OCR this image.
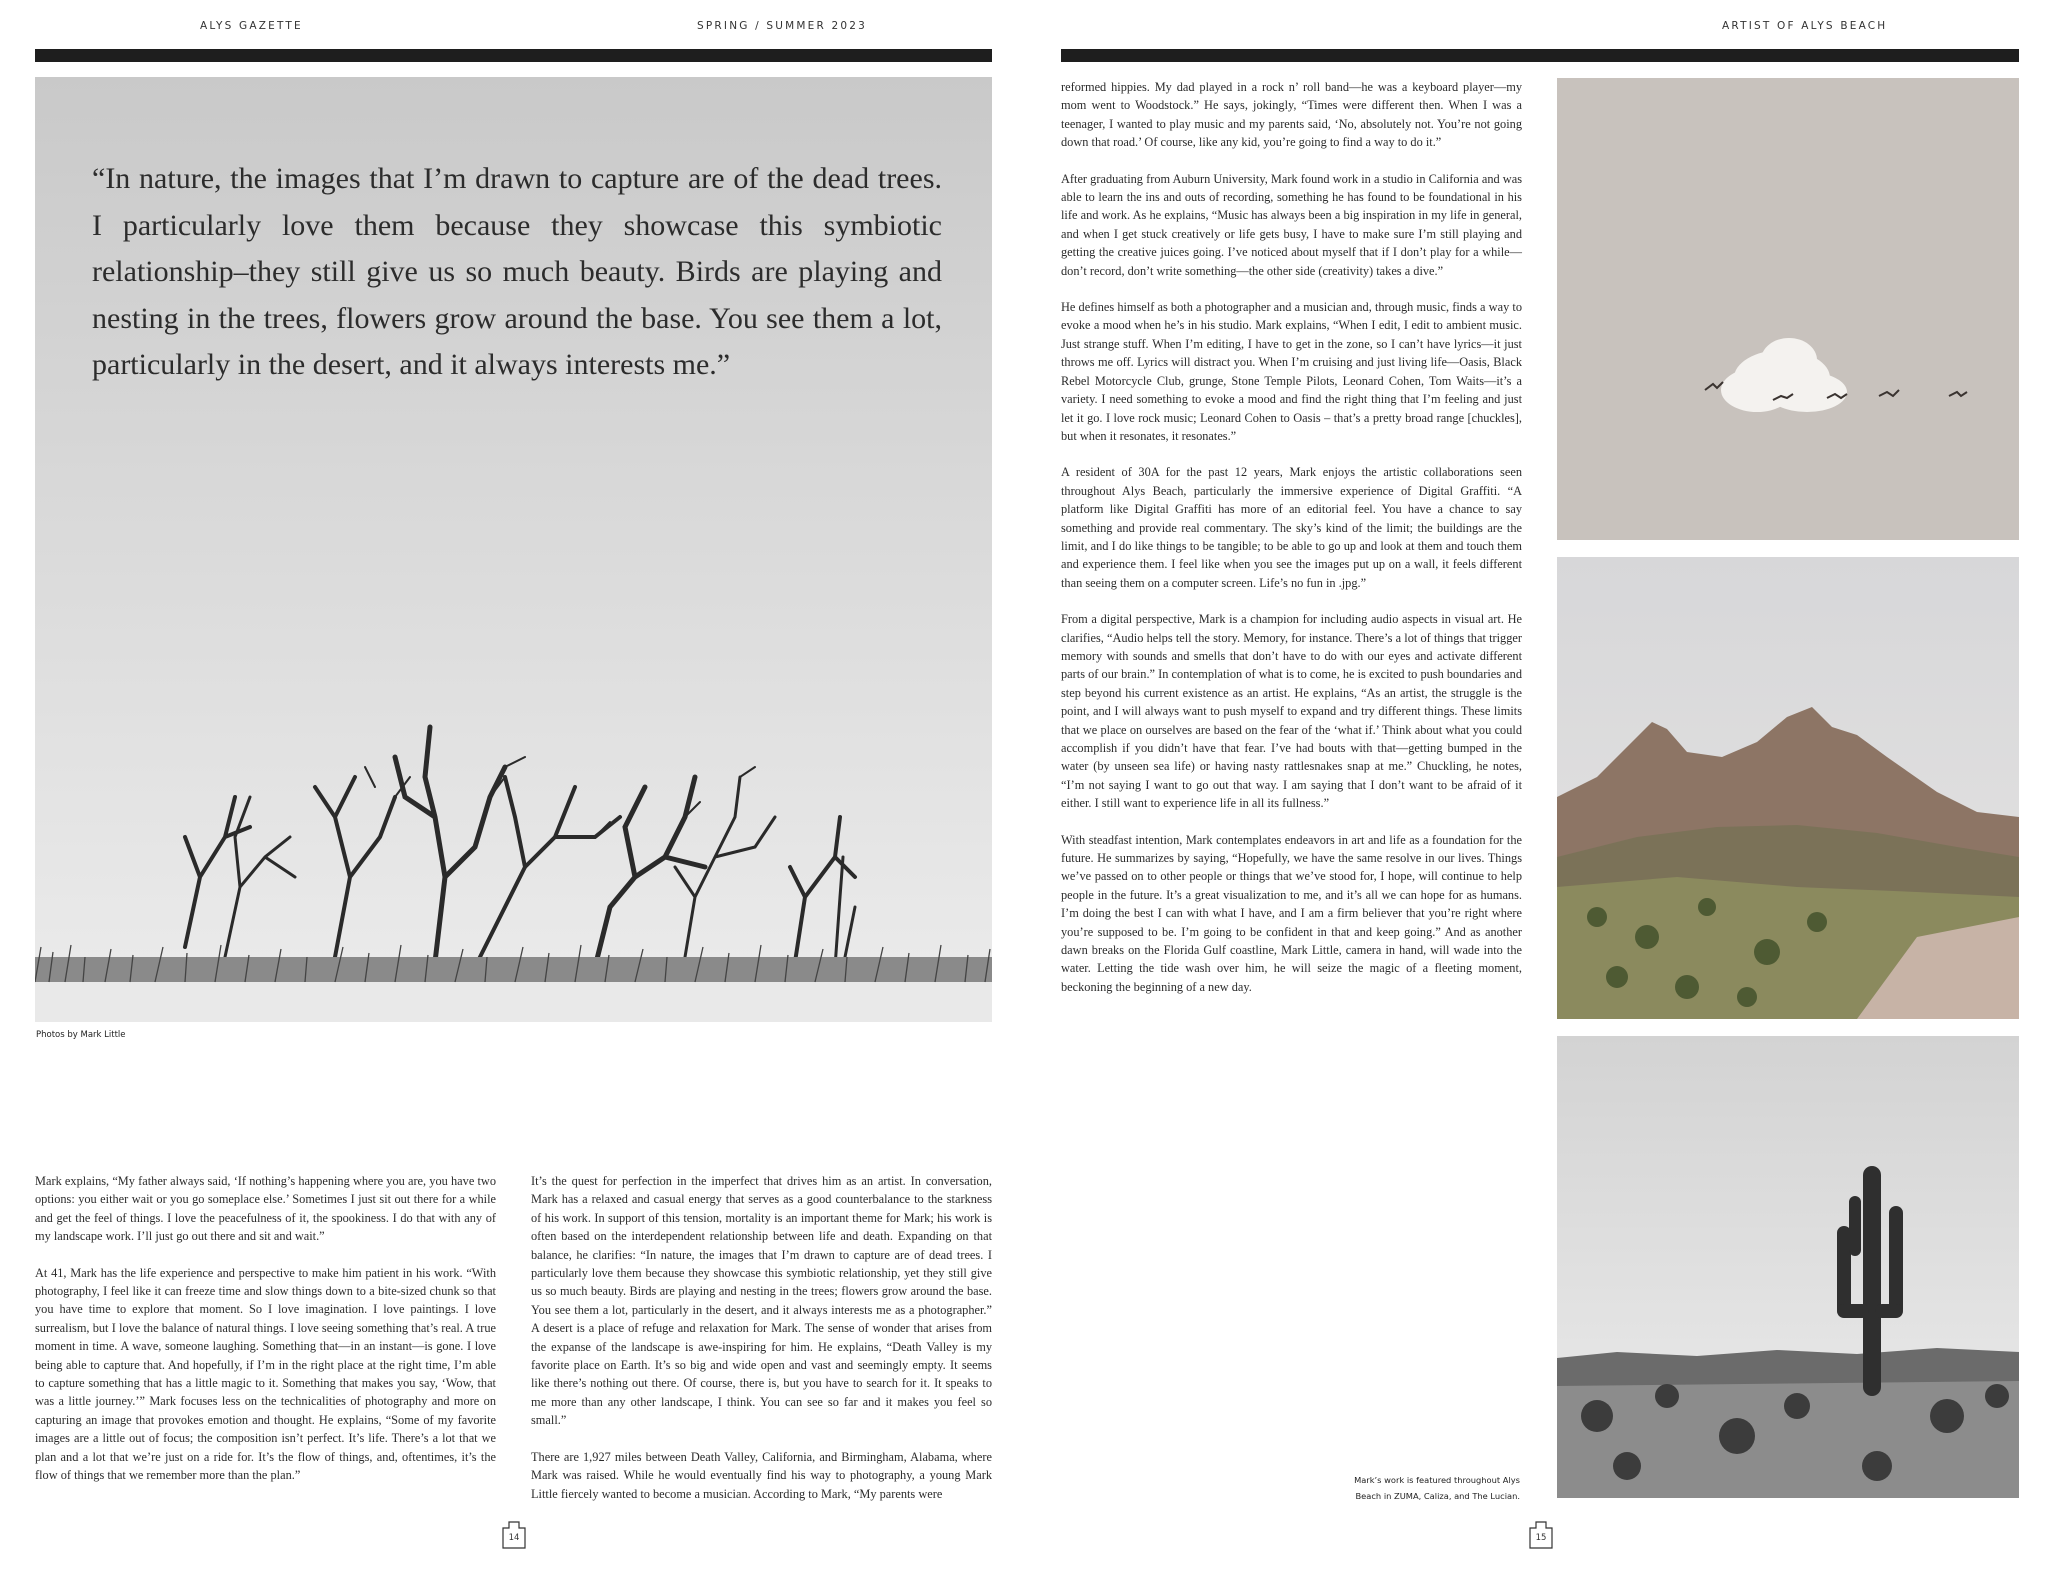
ALYS GAZETTE	SPRING / SUMMER 2023	ARTIST OF ALYS BEACH
“In nature, the images that I’m drawn to capture are of the dead trees. I particularly love them because they showcase this symbiotic relationship–they still give us so much beauty. Birds are playing and nesting in the trees, flowers grow around the base. You see them a lot, particularly in the desert, and it always interests me.”
Photos by Mark Little

Mark explains, “My father always said, ‘If nothing’s happening where you are, you have two options: you either wait or you go someplace else.’ Sometimes I just sit out there for a while and get the feel of things. I love the peacefulness of it, the spookiness. I do that with any of my landscape work. I’ll just go out there and sit and wait.”

At 41, Mark has the life experience and perspective to make him patient in his work. “With photography, I feel like it can freeze time and slow things down to a bite-sized chunk so that you have time to explore that moment. So I love imagination. I love paintings. I love surrealism, but I love the balance of natural things. I love seeing something that’s real. A true moment in time. A wave, someone laughing. Something that—in an instant—is gone. I love being able to capture that. And hopefully, if I’m in the right place at the right time, I’m able to capture something that has a little magic to it. Something that makes you say, ‘Wow, that was a little journey.’” Mark focuses less on the technicalities of photography and more on capturing an image that provokes emotion and thought. He explains, “Some of my favorite images are a little out of focus; the composition isn’t perfect. It’s life. There’s a lot that we plan and a lot that we’re just on a ride for. It’s the flow of things, and, oftentimes, it’s the flow of things that we remember more than the plan.”

It’s the quest for perfection in the imperfect that drives him as an artist. In conversation, Mark has a relaxed and casual energy that serves as a good counterbalance to the starkness of his work. In support of this tension, mortality is an important theme for Mark; his work is often based on the interdependent relationship between life and death. Expanding on that balance, he clarifies: “In nature, the images that I’m drawn to capture are of dead trees. I particularly love them because they showcase this symbiotic relationship, yet they still give us so much beauty. Birds are playing and nesting in the trees; flowers grow around the base. You see them a lot, particularly in the desert, and it always interests me as a photographer.” A desert is a place of refuge and relaxation for Mark. The sense of wonder that arises from the expanse of the landscape is awe-inspiring for him. He explains, “Death Valley is my favorite place on Earth. It’s so big and wide open and vast and seemingly empty. It seems like there’s nothing out there. Of course, there is, but you have to search for it. It speaks to me more than any other landscape, I think. You can see so far and it makes you feel so small.”

There are 1,927 miles between Death Valley, California, and Birmingham, Alabama, where Mark was raised. While he would eventually find his way to photography, a young Mark Little fiercely wanted to become a musician. According to Mark, “My parents were

reformed hippies. My dad played in a rock n’ roll band—he was a keyboard player—my mom went to Woodstock.” He says, jokingly, “Times were different then. When I was a teenager, I wanted to play music and my parents said, ‘No, absolutely not. You’re not going down that road.’ Of course, like any kid, you’re going to find a way to do it.”

After graduating from Auburn University, Mark found work in a studio in California and was able to learn the ins and outs of recording, something he has found to be foundational in his life and work. As he explains, “Music has always been a big inspiration in my life in general, and when I get stuck creatively or life gets busy, I have to make sure I’m still playing and getting the creative juices going. I’ve noticed about myself that if I don’t play for a while—don’t record, don’t write something—the other side (creativity) takes a dive.”

He defines himself as both a photographer and a musician and, through music, finds a way to evoke a mood when he’s in his studio. Mark explains, “When I edit, I edit to ambient music. Just strange stuff. When I’m editing, I have to get in the zone, so I can’t have lyrics—it just throws me off. Lyrics will distract you. When I’m cruising and just living life—Oasis, Black Rebel Motorcycle Club, grunge, Stone Temple Pilots, Leonard Cohen, Tom Waits—it’s a variety. I need something to evoke a mood and find the right thing that I’m feeling and just let it go. I love rock music; Leonard Cohen to Oasis – that’s a pretty broad range [chuckles], but when it resonates, it resonates.”

A resident of 30A for the past 12 years, Mark enjoys the artistic collaborations seen throughout Alys Beach, particularly the immersive experience of Digital Graffiti. “A platform like Digital Graffiti has more of an editorial feel. You have a chance to say something and provide real commentary. The sky’s kind of the limit; the buildings are the limit, and I do like things to be tangible; to be able to go up and look at them and touch them and experience them. I feel like when you see the images put up on a wall, it feels different than seeing them on a computer screen. Life’s no fun in .jpg.”

From a digital perspective, Mark is a champion for including audio aspects in visual art. He clarifies, “Audio helps tell the story. Memory, for instance. There’s a lot of things that trigger memory with sounds and smells that don’t have to do with our eyes and activate different parts of our brain.” In contemplation of what is to come, he is excited to push boundaries and step beyond his current existence as an artist. He explains, “As an artist, the struggle is the point, and I will always want to push myself to expand and try different things. These limits that we place on ourselves are based on the fear of the ‘what if.’ Think about what you could accomplish if you didn’t have that fear. I’ve had bouts with that—getting bumped in the water (by unseen sea life) or having nasty rattlesnakes snap at me.” Chuckling, he notes, “I’m not saying I want to go out that way. I am saying that I don’t want to be afraid of it either. I still want to experience life in all its fullness.”

With steadfast intention, Mark contemplates endeavors in art and life as a foundation for the future. He summarizes by saying, “Hopefully, we have the same resolve in our lives. Things we’ve passed on to other people or things that we’ve stood for, I hope, will continue to help people in the future. It’s a great visualization to me, and it’s all we can hope for as humans. I’m doing the best I can with what I have, and I am a firm believer that you’re right where you’re supposed to be. I’m going to be confident in that and keep going.” And as another dawn breaks on the Florida Gulf coastline, Mark Little, camera in hand, will wade into the water. Letting the tide wash over him, he will seize the magic of a fleeting moment, beckoning the beginning of a new day.

Mark’s work is featured throughout Alys Beach in ZUMA, Caliza, and The Lucian.
14	15
